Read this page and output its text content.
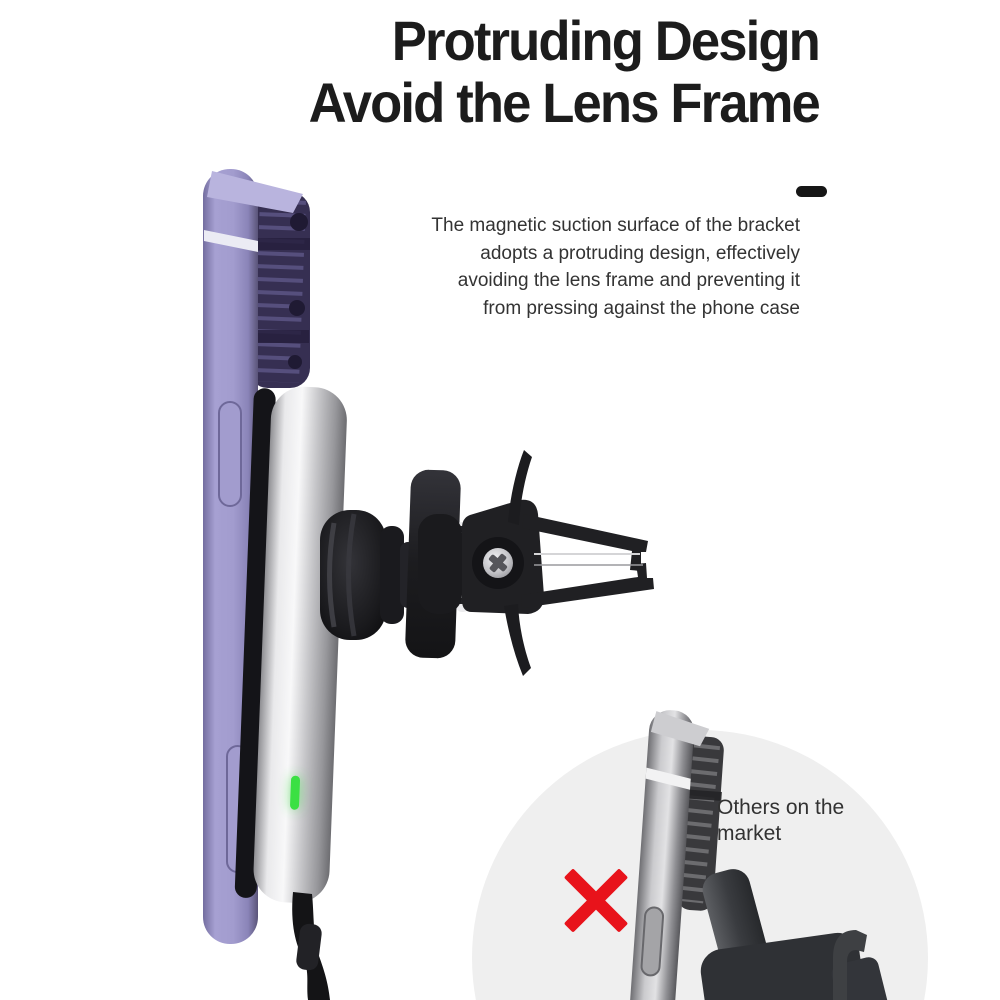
Protruding Design
Avoid the Lens Frame
The magnetic suction surface of the bracket
adopts a protruding design, effectively
avoiding the lens frame and preventing it
from pressing against the phone case
Others on the
market
